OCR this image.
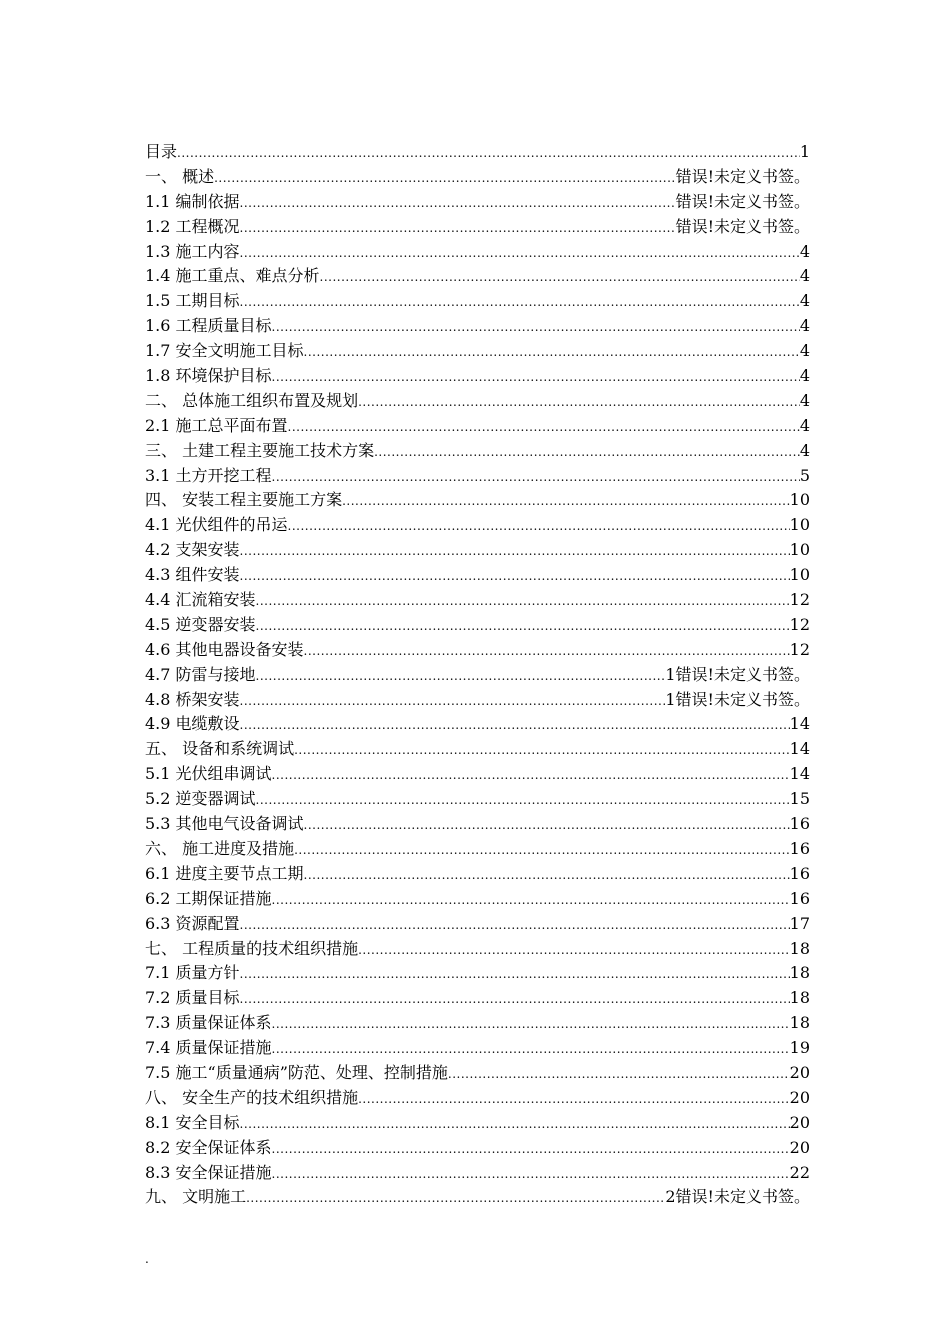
目录 .....	1
一、 概述 .....	错误!未定义书签。
1.1 编制依据 .....	错误!未定义书签。
1.2 工程概况 .....	错误!未定义书签。
1.3 施工内容 .....	4
1.4 施工重点、难点分析 .....	4
1.5 工期目标 .....	4
1.6 工程质量目标 .....	4
1.7 安全文明施工目标 .....	4
1.8 环境保护目标 .....	4
二、 总体施工组织布置及规划 .....	4
2.1 施工总平面布置 .....	4
三、 土建工程主要施工技术方案 .....	4
3.1 土方开挖工程 .....	5
四、 安装工程主要施工方案 .....	10
4.1 光伏组件的吊运 .....	10
4.2 支架安装 .....	10
4.3 组件安装 .....	10
4.4 汇流箱安装 .....	12
4.5 逆变器安装 .....	12
4.6 其他电器设备安装 .....	12
4.7 防雷与接地 .....	1错误!未定义书签。
4.8 桥架安装 .....	1错误!未定义书签。
4.9 电缆敷设 .....	14
五、 设备和系统调试 .....	14
5.1 光伏组串调试 .....	14
5.2 逆变器调试 .....	15
5.3 其他电气设备调试 .....	16
六、 施工进度及措施 .....	16
6.1 进度主要节点工期 .....	16
6.2 工期保证措施 .....	16
6.3 资源配置 .....	17
七、 工程质量的技术组织措施 .....	18
7.1 质量方针 .....	18
7.2 质量目标 .....	18
7.3 质量保证体系 .....	18
7.4 质量保证措施 .....	19
7.5 施工“质量通病”防范、处理、控制措施 .....	20
八、 安全生产的技术组织措施 .....	20
8.1 安全目标 .....	20
8.2 安全保证体系 .....	20
8.3 安全保证措施 .....	22
九、 文明施工 .....	2错误!未定义书签。
.
